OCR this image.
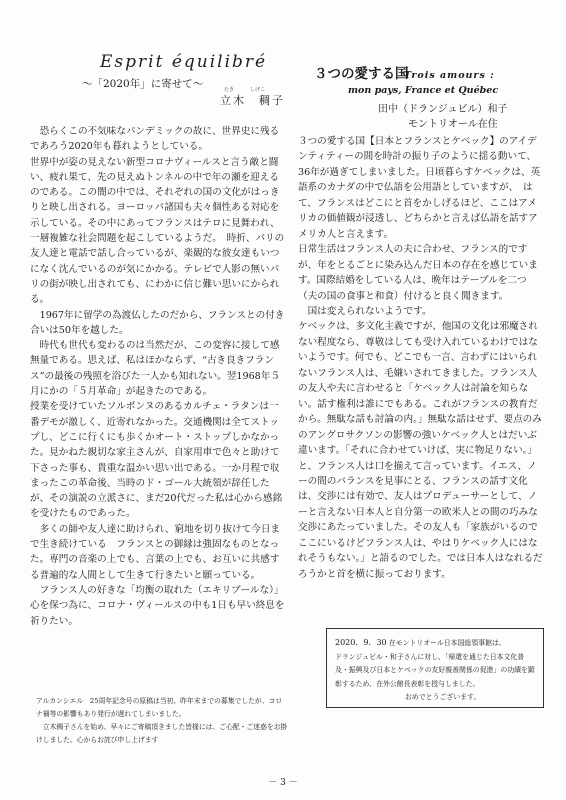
Esprit équilibré
～「2020年」に寄せて～	たき	しげこ
立木　稠子

恐らくこの不気味なパンデミックの故に、世界史に残るであろう2020年も暮れようとしている。

世界中が姿の見えない新型コロナヴィールスと言う敵と闘い、疲れ果て、先の見えぬトンネルの中で年の瀬を迎えるのである。この闇の中では、それぞれの国の文化がはっきりと映し出される。ヨーロッパ諸国も夫々個性ある対応を示している。その中にあってフランスはテロに見舞われ、一層複雑な社会問題を起こしているようだ。　時折、パリの友人達と電話で話し合っているが、楽観的な彼女達もいつになく沈んでいるのが気にかかる。テレビで人影の無いパリの街が映し出されても、にわかに信じ難い思いにかられる。

1967年に留学の為渡仏したのだから、フランスとの付き合いは50年を越した。

時代も世代も変わるのは当然だが、この変容に接して感無量である。思えば、私はほかならず、“古き良きフランス”の最後の残照を浴びた一人かも知れない。翌1968年５月にかの「５月革命」が起きたのである。

授業を受けていたソルボンヌのあるカルチェ・ラタンは一番デモが激しく、近寄れなかった。交通機関は全てストップし、どこに行くにも歩くかオート・ストップしかなかった。見かねた親切な家主さんが、自家用車で色々と助けて下さった事も、貴重な温かい思い出である。一か月程で収まったこの革命後、当時のド・ゴール大統領が辞任したが、その演説の立派さに、まだ20代だった私は心から感銘を受けたものであった。

多くの師や友人達に助けられ、窮地を切り抜けて今日まで生き続けている　フランスとの御縁は強固なものとなった。専門の音楽の上でも、言葉の上でも、お互いに共感する普遍的な人間として生きて行きたいと願っている。

フランス人の好きな「均衡の取れた（エキリブールな）」心を保つ為に、コロナ・ヴィールスの中も1日も早い終息を祈りたい。

アルカンシエル　25周年記念号の原稿は当初、昨年末までの募集でしたが、コロナ禍等の影響もあり発行が遅れてしまいました。
立木稠子さんを始め、早々にご寄稿頂きました皆様には、ご心配・ご迷惑をお掛けしました。心からお詫び申し上げます
３つの愛する国
Trois amours :
mon pays, France et Québec
田中（ドランジュビル）和子
モントリオール在住

３つの愛する国【日本とフランスとケベック】のアイデンティティーの間を時計の振り子のように揺る動いて、36年が過ぎてしまいました。日頃暮らすケベックは、英語系のカナダの中で仏語を公用語としていますが、　はて、フランスはどこにと首をかしげるほど、ここはアメリカの価値観が浸透し、どちらかと言えば仏語を話すアメリカ人と言えます。

日常生活はフランス人の夫に合わせ、フランス的ですが、年をとるごとに染み込んだ日本の存在を感じています。国際結婚をしている人は、晩年はテーブルを二つ（夫の国の食事と和食）付けると良く聞きます。

国は変えられないようです。

ケベックは、多文化主義ですが、他国の文化は邪魔されない程度なら、尊敬はしても受け入れているわけではないようです。何でも、どこでも一言、言わずにはいられないフランス人は、毛嫌いされてきました。フランス人の友人や夫に言わせると「ケベック人は討論を知らない。話す権利は誰にでもある。これがフランスの教育だから。無駄な話も討論の内。」無駄な話はせず、要点のみのアングロサクソンの影響の強いケベック人とはだいぶ違います。「それに合わせていけば、実に物足りない。」と、フランス人は口を揃えて言っています。イエス、ノーの間のバランスを見事にとる、フランスの話す文化は、交渉には有効で、友人はプロデューサーとして、ノーと言えない日本人と自分第一の欧米人との間の巧みな交渉にあたっていました。その友人も「家族がいるのでここにいるけどフランス人は、やはりケベック人にはなれそうもない。」と語るのでした。では日本人はなれるだろうかと首を横に振っております。

2020．9．30 在モントリオール日本国総領事館は、
ドランジュビル・和子さんに対し、「帰還を通じた日本文化普及・振興及び日本とケベックの友好親善関係の促進」の功績を顕彰するため、在外公館長表彰を授与しました。
おめでとうございます。
－ 3 －
